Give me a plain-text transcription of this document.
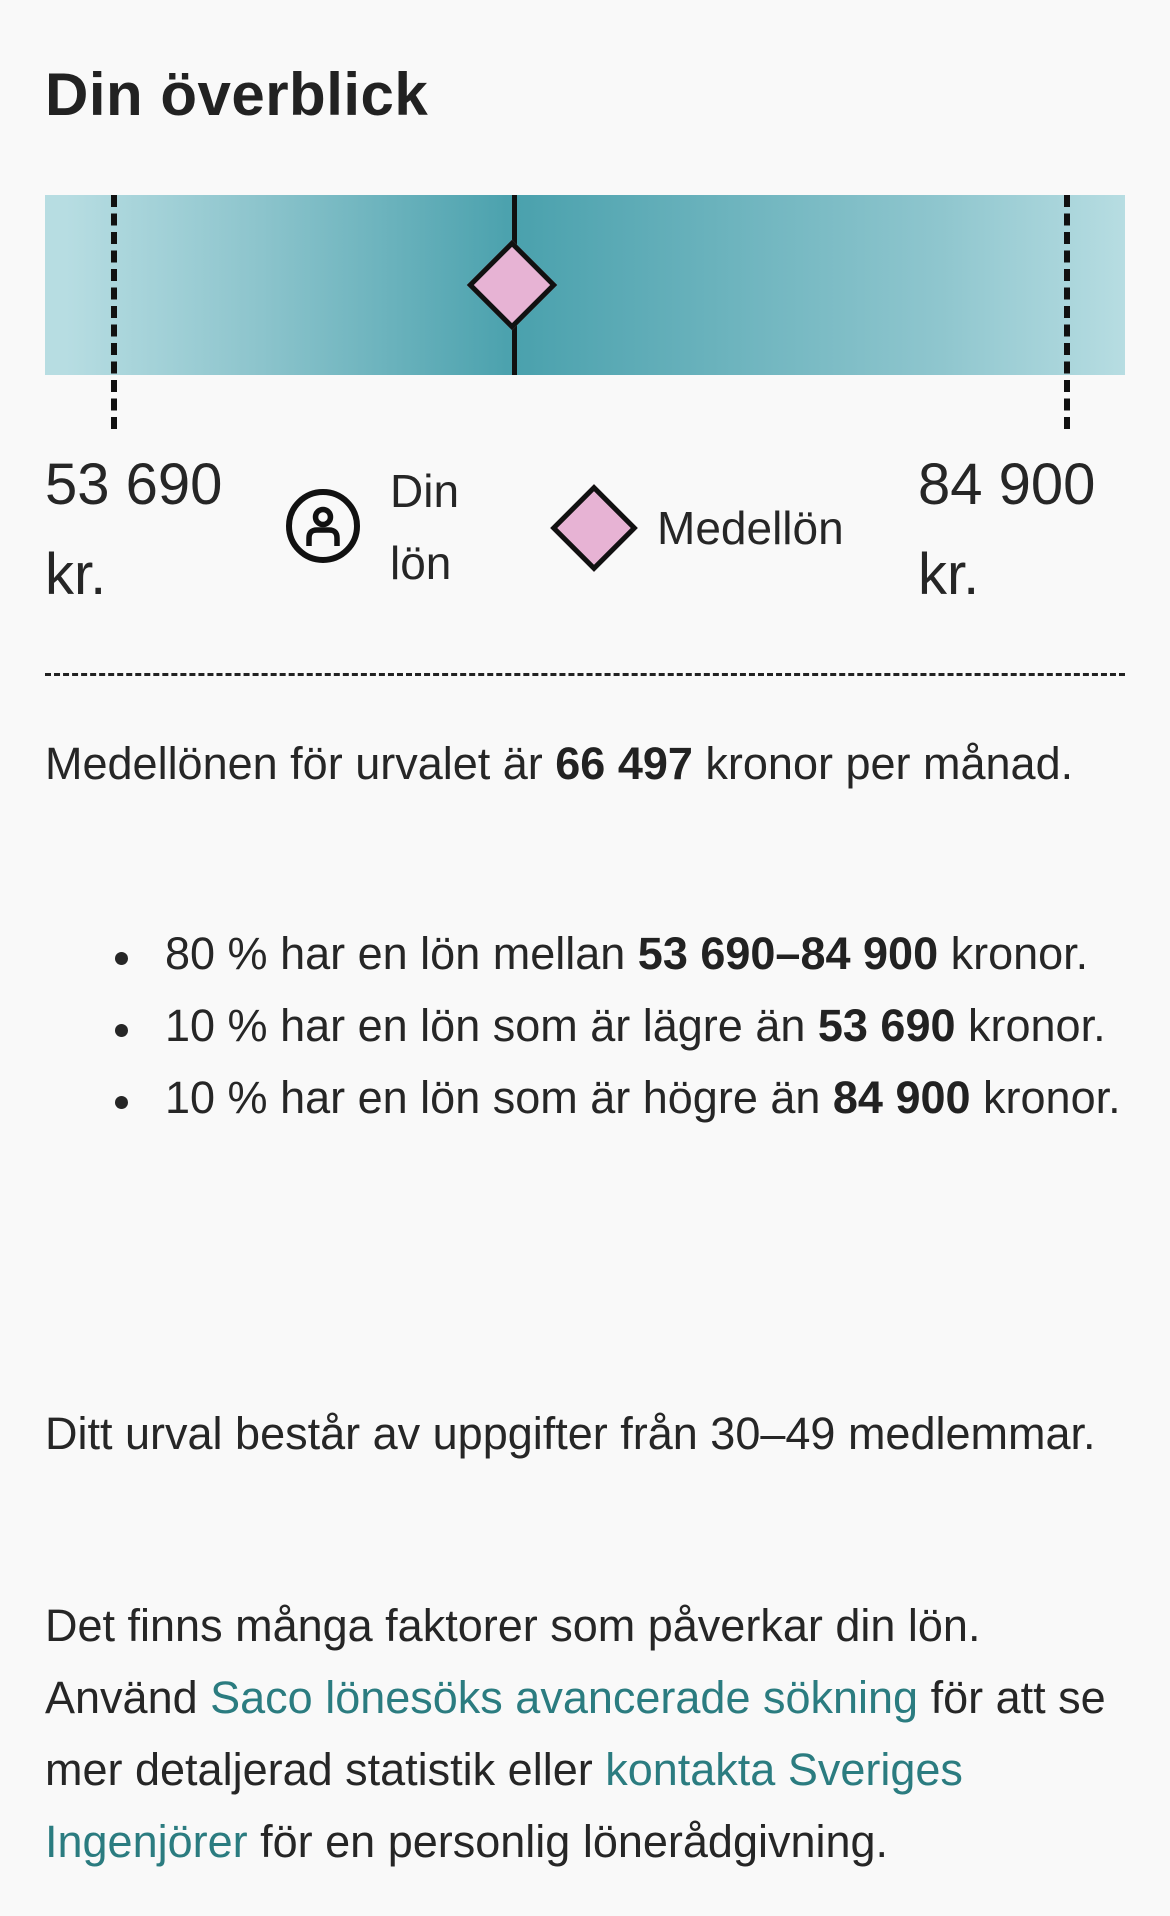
Din överblick
53 690 kr.
84 900 kr.
Din lön
Medellön

Medellönen för urvalet är 66 497 kronor per månad.

80 % har en lön mellan 53 690–84 900 kronor.
10 % har en lön som är lägre än 53 690 kronor.
10 % har en lön som är högre än 84 900 kronor.

Ditt urval består av uppgifter från 30–49 medlemmar.

Det finns många faktorer som påverkar din lön. Använd Saco lönesöks avancerade sökning för att se mer detaljerad statistik eller kontakta Sveriges Ingenjörer för en personlig lönerådgivning.
